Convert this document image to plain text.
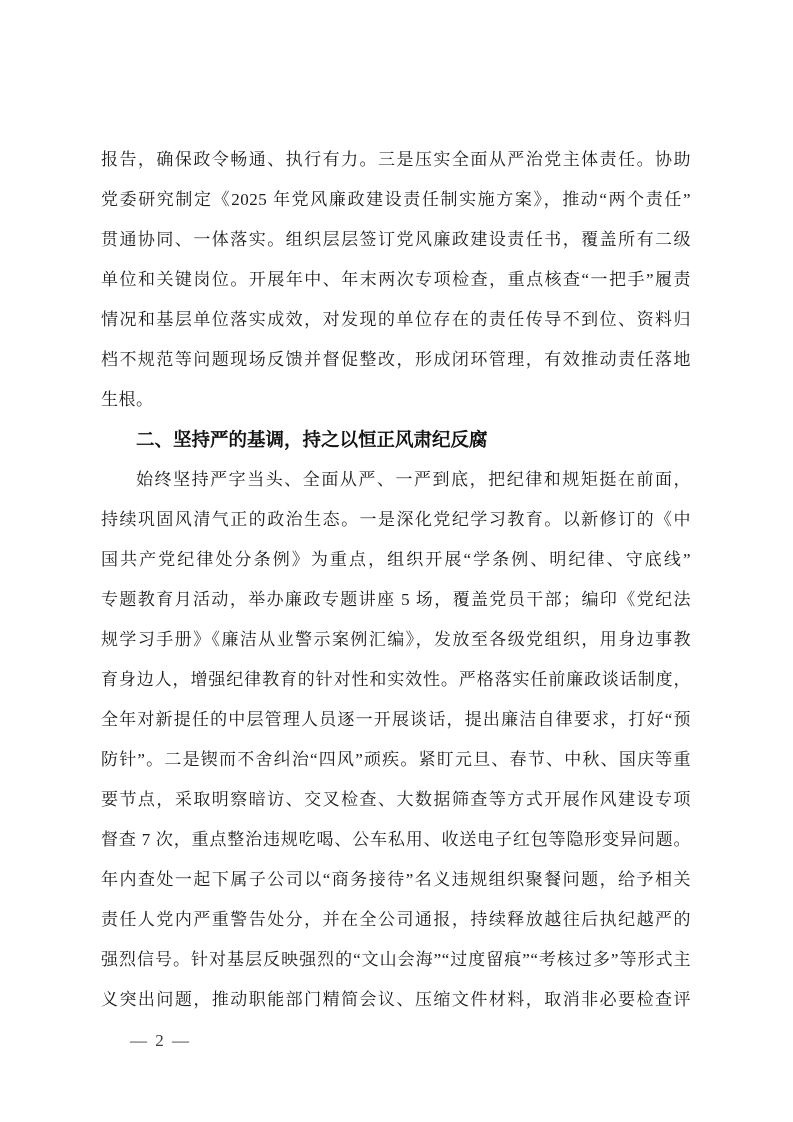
报告，确保政令畅通、执行有力。三是压实全面从严治党主体责任。协助
党委研究制定《2025 年党风廉政建设责任制实施方案》，推动“两个责任”
贯通协同、一体落实。组织层层签订党风廉政建设责任书，覆盖所有二级
单位和关键岗位。开展年中、年末两次专项检查，重点核查“一把手”履责
情况和基层单位落实成效，对发现的单位存在的责任传导不到位、资料归
档不规范等问题现场反馈并督促整改，形成闭环管理，有效推动责任落地
生根。
二、坚持严的基调，持之以恒正风肃纪反腐
始终坚持严字当头、全面从严、一严到底，把纪律和规矩挺在前面，
持续巩固风清气正的政治生态。一是深化党纪学习教育。以新修订的《中
国共产党纪律处分条例》为重点，组织开展“学条例、明纪律、守底线”
专题教育月活动，举办廉政专题讲座 5 场，覆盖党员干部；编印《党纪法
规学习手册》《廉洁从业警示案例汇编》，发放至各级党组织，用身边事教
育身边人，增强纪律教育的针对性和实效性。严格落实任前廉政谈话制度，
全年对新提任的中层管理人员逐一开展谈话，提出廉洁自律要求，打好“预
防针”。二是锲而不舍纠治“四风”顽疾。紧盯元旦、春节、中秋、国庆等重
要节点，采取明察暗访、交叉检查、大数据筛查等方式开展作风建设专项
督查 7 次，重点整治违规吃喝、公车私用、收送电子红包等隐形变异问题。
年内查处一起下属子公司以“商务接待”名义违规组织聚餐问题，给予相关
责任人党内严重警告处分，并在全公司通报，持续释放越往后执纪越严的
强烈信号。针对基层反映强烈的“文山会海”“过度留痕”“考核过多”等形式主
义突出问题，推动职能部门精简会议、压缩文件材料，取消非必要检查评
— 2 —
